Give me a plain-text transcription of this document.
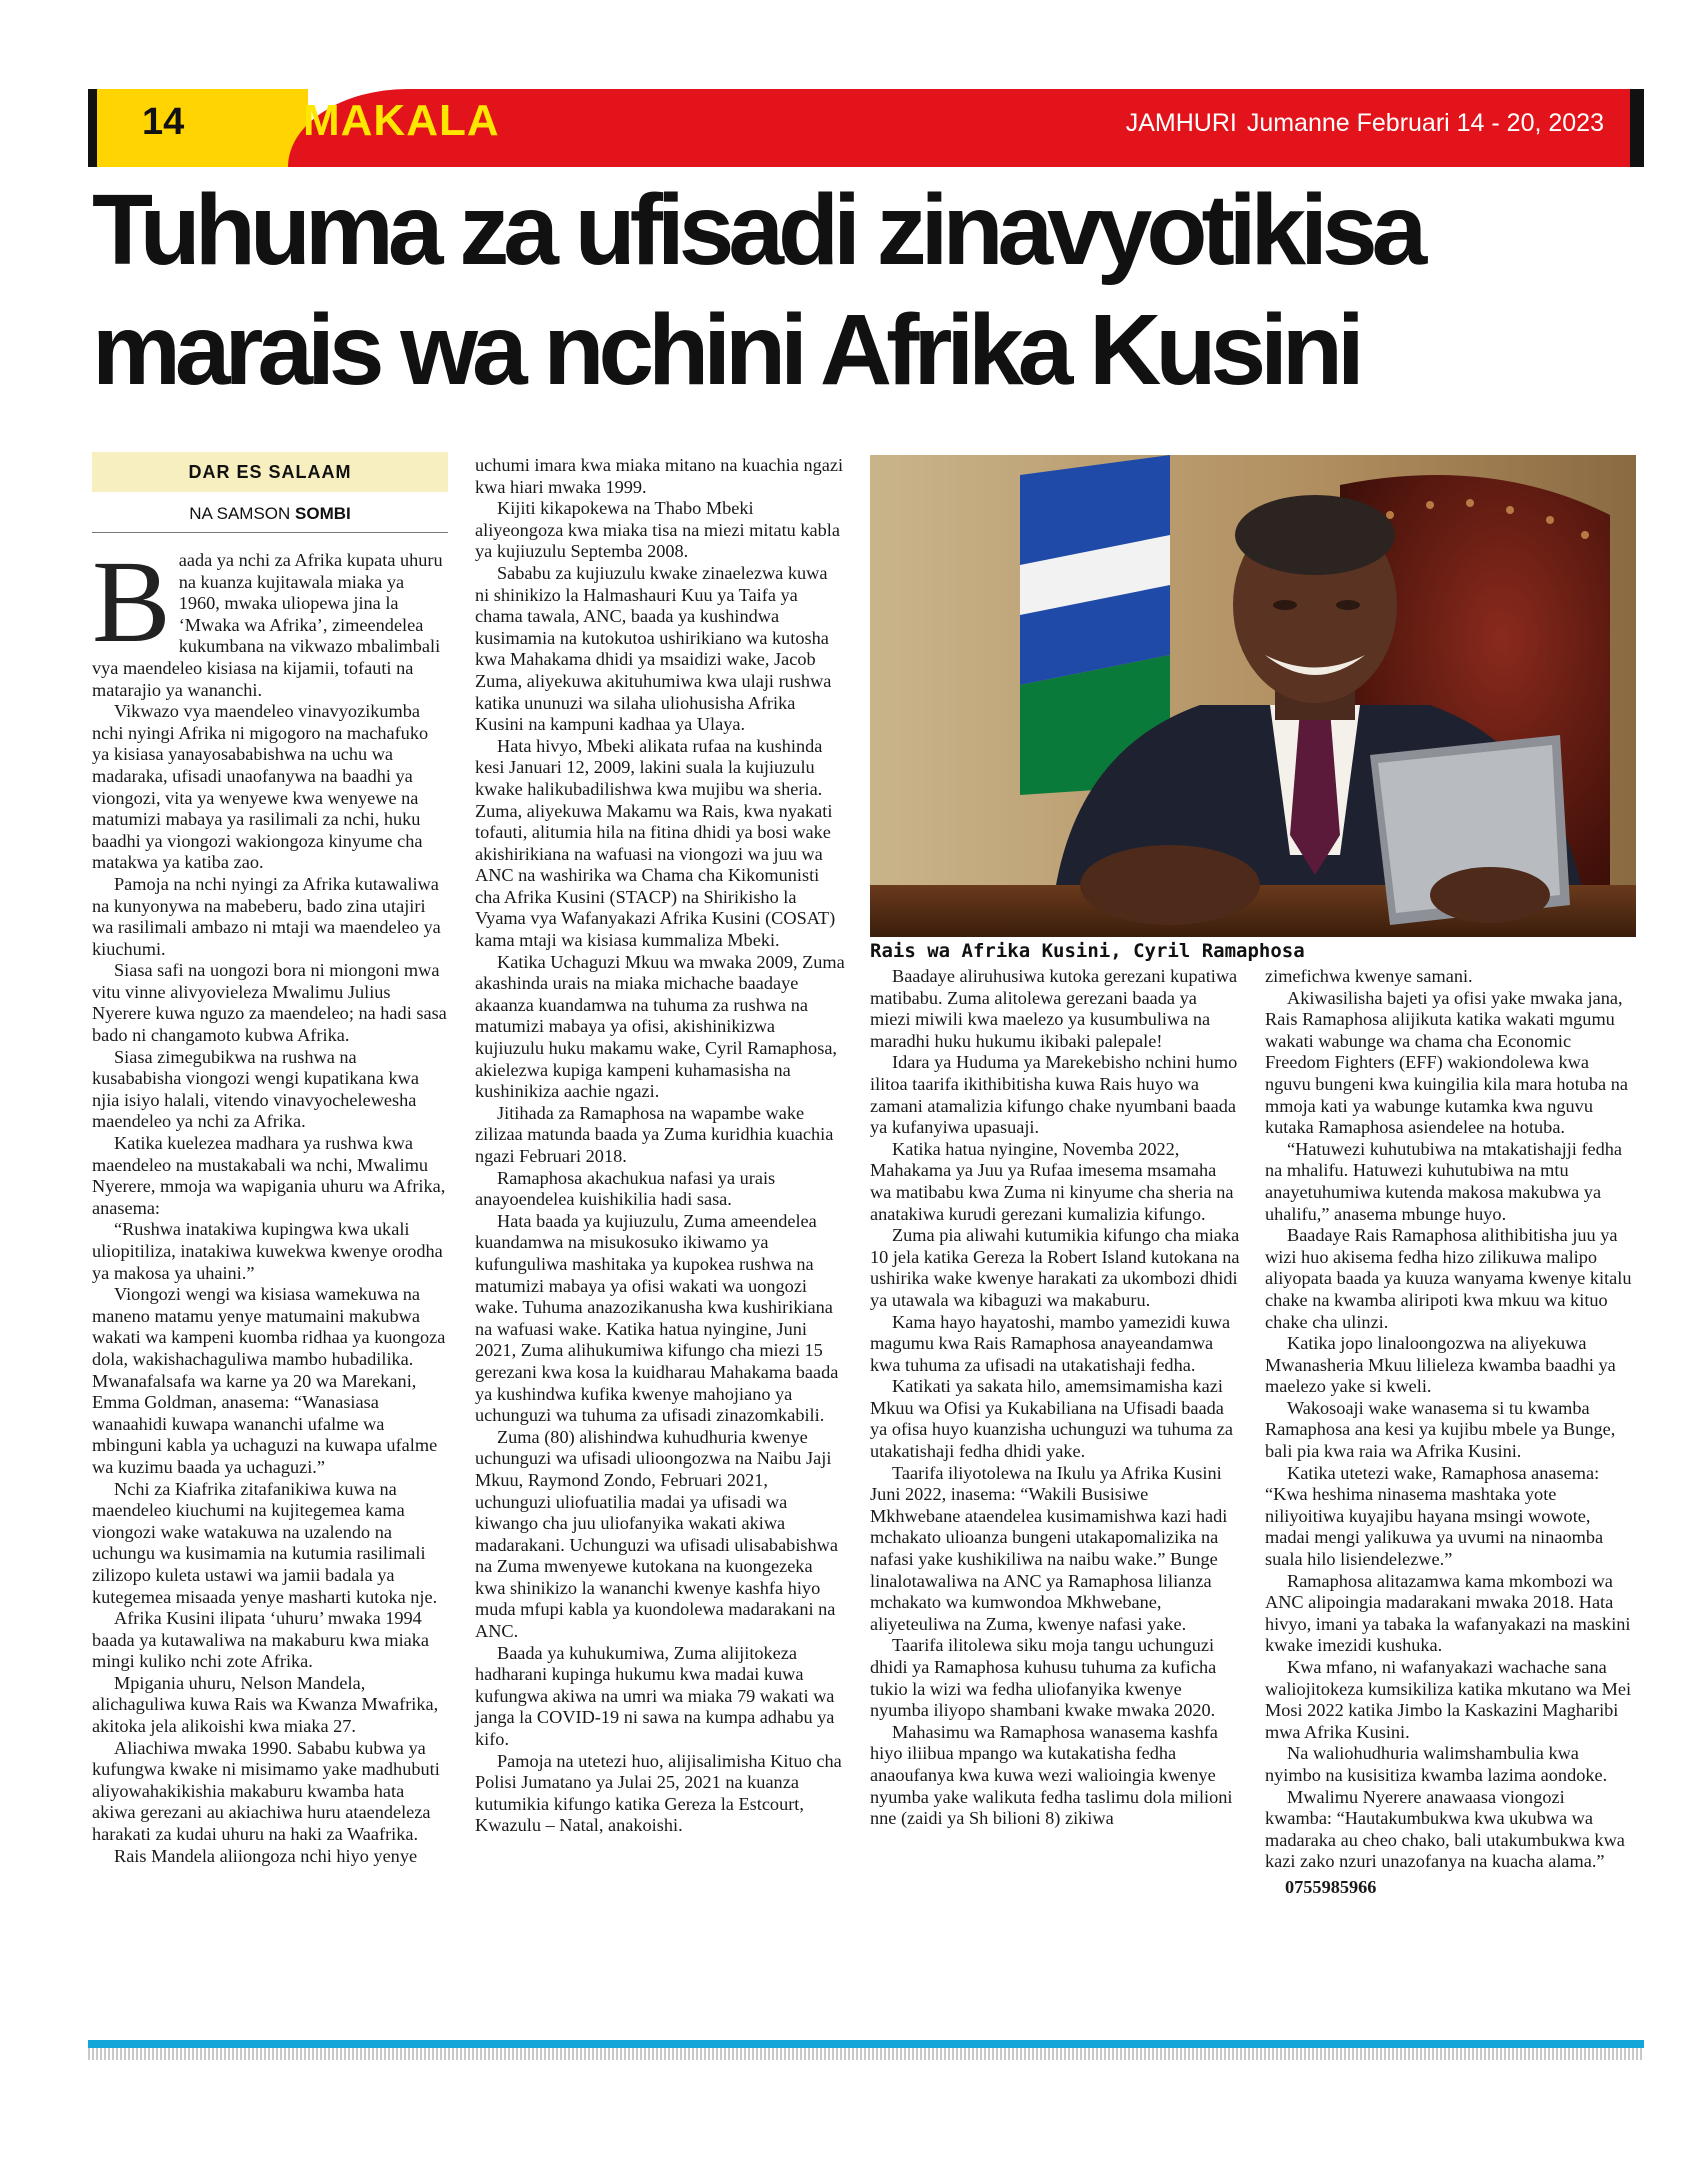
14	MAKALA	JAMHURI Jumanne Februari 14 - 20, 2023
Tuhuma za ufisadi zinavyotikisa marais wa nchini Afrika Kusini
DAR ES SALAAM
NA SAMSON SOMBI

Baada ya nchi za Afrika kupata uhuru na kuanza kujitawala miaka ya 1960, mwaka uliopewa jina la ‘Mwaka wa Afrika’, zimeendelea kukumbana na vikwazo mbalimbali vya maendeleo kisiasa na kijamii, tofauti na matarajio ya wananchi.

Vikwazo vya maendeleo vinavyozikumba nchi nyingi Afrika ni migogoro na machafuko ya kisiasa yanayosababishwa na uchu wa madaraka, ufisadi unaofanywa na baadhi ya viongozi, vita ya wenyewe kwa wenyewe na matumizi mabaya ya rasilimali za nchi, huku baadhi ya viongozi wakiongoza kinyume cha matakwa ya katiba zao.

Pamoja na nchi nyingi za Afrika kutawaliwa na kunyonywa na mabeberu, bado zina utajiri wa rasilimali ambazo ni mtaji wa maendeleo ya kiuchumi.

Siasa safi na uongozi bora ni miongoni mwa vitu vinne alivyovieleza Mwalimu Julius Nyerere kuwa nguzo za maendeleo; na hadi sasa bado ni changamoto kubwa Afrika.

Siasa zimegubikwa na rushwa na kusababisha viongozi wengi kupatikana kwa njia isiyo halali, vitendo vinavyochelewesha maendeleo ya nchi za Afrika.

Katika kuelezea madhara ya rushwa kwa maendeleo na mustakabali wa nchi, Mwalimu Nyerere, mmoja wa wapigania uhuru wa Afrika, anasema:

“Rushwa inatakiwa kupingwa kwa ukali uliopitiliza, inatakiwa kuwekwa kwenye orodha ya makosa ya uhaini.”

Viongozi wengi wa kisiasa wamekuwa na maneno matamu yenye matumaini makubwa wakati wa kampeni kuomba ridhaa ya kuongoza dola, wakishachaguliwa mambo hubadilika. Mwanafalsafa wa karne ya 20 wa Marekani, Emma Goldman, anasema: “Wanasiasa wanaahidi kuwapa wananchi ufalme wa mbinguni kabla ya uchaguzi na kuwapa ufalme wa kuzimu baada ya uchaguzi.”

Nchi za Kiafrika zitafanikiwa kuwa na maendeleo kiuchumi na kujitegemea kama viongozi wake watakuwa na uzalendo na uchungu wa kusimamia na kutumia rasilimali zilizopo kuleta ustawi wa jamii badala ya kutegemea misaada yenye masharti kutoka nje.

Afrika Kusini ilipata ‘uhuru’ mwaka 1994 baada ya kutawaliwa na makaburu kwa miaka mingi kuliko nchi zote Afrika.

Mpigania uhuru, Nelson Mandela, alichaguliwa kuwa Rais wa Kwanza Mwafrika, akitoka jela alikoishi kwa miaka 27.

Aliachiwa mwaka 1990. Sababu kubwa ya kufungwa kwake ni misimamo yake madhubuti aliyowahakikishia makaburu kwamba hata akiwa gerezani au akiachiwa huru ataendeleza harakati za kudai uhuru na haki za Waafrika.

Rais Mandela aliiongoza nchi hiyo yenye

uchumi imara kwa miaka mitano na kuachia ngazi kwa hiari mwaka 1999.

Kijiti kikapokewa na Thabo Mbeki aliyeongoza kwa miaka tisa na miezi mitatu kabla ya kujiuzulu Septemba 2008.

Sababu za kujiuzulu kwake zinaelezwa kuwa ni shinikizo la Halmashauri Kuu ya Taifa ya chama tawala, ANC, baada ya kushindwa kusimamia na kutokutoa ushirikiano wa kutosha kwa Mahakama dhidi ya msaidizi wake, Jacob Zuma, aliyekuwa akituhumiwa kwa ulaji rushwa katika ununuzi wa silaha uliohusisha Afrika Kusini na kampuni kadhaa ya Ulaya.

Hata hivyo, Mbeki alikata rufaa na kushinda kesi Januari 12, 2009, lakini suala la kujiuzulu kwake halikubadilishwa kwa mujibu wa sheria. Zuma, aliyekuwa Makamu wa Rais, kwa nyakati tofauti, alitumia hila na fitina dhidi ya bosi wake akishirikiana na wafuasi na viongozi wa juu wa ANC na washirika wa Chama cha Kikomunisti cha Afrika Kusini (STACP) na Shirikisho la Vyama vya Wafanyakazi Afrika Kusini (COSAT) kama mtaji wa kisiasa kummaliza Mbeki.

Katika Uchaguzi Mkuu wa mwaka 2009, Zuma akashinda urais na miaka michache baadaye akaanza kuandamwa na tuhuma za rushwa na matumizi mabaya ya ofisi, akishinikizwa kujiuzulu huku makamu wake, Cyril Ramaphosa, akielezwa kupiga kampeni kuhamasisha na kushinikiza aachie ngazi.

Jitihada za Ramaphosa na wapambe wake zilizaa matunda baada ya Zuma kuridhia kuachia ngazi Februari 2018.

Ramaphosa akachukua nafasi ya urais anayoendelea kuishikilia hadi sasa.

Hata baada ya kujiuzulu, Zuma ameendelea kuandamwa na misukosuko ikiwamo ya kufunguliwa mashitaka ya kupokea rushwa na matumizi mabaya ya ofisi wakati wa uongozi wake. Tuhuma anazozikanusha kwa kushirikiana na wafuasi wake. Katika hatua nyingine, Juni 2021, Zuma alihukumiwa kifungo cha miezi 15 gerezani kwa kosa la kuidharau Mahakama baada ya kushindwa kufika kwenye mahojiano ya uchunguzi wa tuhuma za ufisadi zinazomkabili.

Zuma (80) alishindwa kuhudhuria kwenye uchunguzi wa ufisadi ulioongozwa na Naibu Jaji Mkuu, Raymond Zondo, Februari 2021, uchunguzi uliofuatilia madai ya ufisadi wa kiwango cha juu uliofanyika wakati akiwa madarakani. Uchunguzi wa ufisadi ulisababishwa na Zuma mwenyewe kutokana na kuongezeka kwa shinikizo la wananchi kwenye kashfa hiyo muda mfupi kabla ya kuondolewa madarakani na ANC.

Baada ya kuhukumiwa, Zuma alijitokeza hadharani kupinga hukumu kwa madai kuwa kufungwa akiwa na umri wa miaka 79 wakati wa janga la COVID-19 ni sawa na kumpa adhabu ya kifo.

Pamoja na utetezi huo, alijisalimisha Kituo cha Polisi Jumatano ya Julai 25, 2021 na kuanza kutumikia kifungo katika Gereza la Estcourt, Kwazulu – Natal, anakoishi.

Rais wa Afrika Kusini, Cyril Ramaphosa

Baadaye aliruhusiwa kutoka gerezani kupatiwa matibabu. Zuma alitolewa gerezani baada ya miezi miwili kwa maelezo ya kusumbuliwa na maradhi huku hukumu ikibaki palepale!

Idara ya Huduma ya Marekebisho nchini humo ilitoa taarifa ikithibitisha kuwa Rais huyo wa zamani atamalizia kifungo chake nyumbani baada ya kufanyiwa upasuaji.

Katika hatua nyingine, Novemba 2022, Mahakama ya Juu ya Rufaa imesema msamaha wa matibabu kwa Zuma ni kinyume cha sheria na anatakiwa kurudi gerezani kumalizia kifungo.

Zuma pia aliwahi kutumikia kifungo cha miaka 10 jela katika Gereza la Robert Island kutokana na ushirika wake kwenye harakati za ukombozi dhidi ya utawala wa kibaguzi wa makaburu.

Kama hayo hayatoshi, mambo yamezidi kuwa magumu kwa Rais Ramaphosa anayeandamwa kwa tuhuma za ufisadi na utakatishaji fedha.

Katikati ya sakata hilo, amemsimamisha kazi Mkuu wa Ofisi ya Kukabiliana na Ufisadi baada ya ofisa huyo kuanzisha uchunguzi wa tuhuma za utakatishaji fedha dhidi yake.

Taarifa iliyotolewa na Ikulu ya Afrika Kusini Juni 2022, inasema: “Wakili Busisiwe Mkhwebane ataendelea kusimamishwa kazi hadi mchakato ulioanza bungeni utakapomalizika na nafasi yake kushikiliwa na naibu wake.” Bunge linalotawaliwa na ANC ya Ramaphosa lilianza mchakato wa kumwondoa Mkhwebane, aliyeteuliwa na Zuma, kwenye nafasi yake.

Taarifa ilitolewa siku moja tangu uchunguzi dhidi ya Ramaphosa kuhusu tuhuma za kuficha tukio la wizi wa fedha uliofanyika kwenye nyumba iliyopo shambani kwake mwaka 2020.

Mahasimu wa Ramaphosa wanasema kashfa hiyo iliibua mpango wa kutakatisha fedha anaoufanya kwa kuwa wezi walioingia kwenye nyumba yake walikuta fedha taslimu dola milioni nne (zaidi ya Sh bilioni 8) zikiwa

zimefichwa kwenye samani.

Akiwasilisha bajeti ya ofisi yake mwaka jana, Rais Ramaphosa alijikuta katika wakati mgumu wakati wabunge wa chama cha Economic Freedom Fighters (EFF) wakiondolewa kwa nguvu bungeni kwa kuingilia kila mara hotuba na mmoja kati ya wabunge kutamka kwa nguvu kutaka Ramaphosa asiendelee na hotuba.

“Hatuwezi kuhutubiwa na mtakatishajji fedha na mhalifu. Hatuwezi kuhutubiwa na mtu anayetuhumiwa kutenda makosa makubwa ya uhalifu,” anasema mbunge huyo.

Baadaye Rais Ramaphosa alithibitisha juu ya wizi huo akisema fedha hizo zilikuwa malipo aliyopata baada ya kuuza wanyama kwenye kitalu chake na kwamba aliripoti kwa mkuu wa kituo chake cha ulinzi.

Katika jopo linaloongozwa na aliyekuwa Mwanasheria Mkuu lilieleza kwamba baadhi ya maelezo yake si kweli.

Wakosoaji wake wanasema si tu kwamba Ramaphosa ana kesi ya kujibu mbele ya Bunge, bali pia kwa raia wa Afrika Kusini.

Katika utetezi wake, Ramaphosa anasema: “Kwa heshima ninasema mashtaka yote niliyoitiwa kuyajibu hayana msingi wowote, madai mengi yalikuwa ya uvumi na ninaomba suala hilo lisiendelezwe.”

Ramaphosa alitazamwa kama mkombozi wa ANC alipoingia madarakani mwaka 2018. Hata hivyo, imani ya tabaka la wafanyakazi na maskini kwake imezidi kushuka.

Kwa mfano, ni wafanyakazi wachache sana waliojitokeza kumsikiliza katika mkutano wa Mei Mosi 2022 katika Jimbo la Kaskazini Magharibi mwa Afrika Kusini.

Na waliohudhuria walimshambulia kwa nyimbo na kusisitiza kwamba lazima aondoke.

Mwalimu Nyerere anawaasa viongozi kwamba: “Hautakumbukwa kwa ukubwa wa madaraka au cheo chako, bali utakumbukwa kwa kazi zako nzuri unazofanya na kuacha alama.”

0755985966
